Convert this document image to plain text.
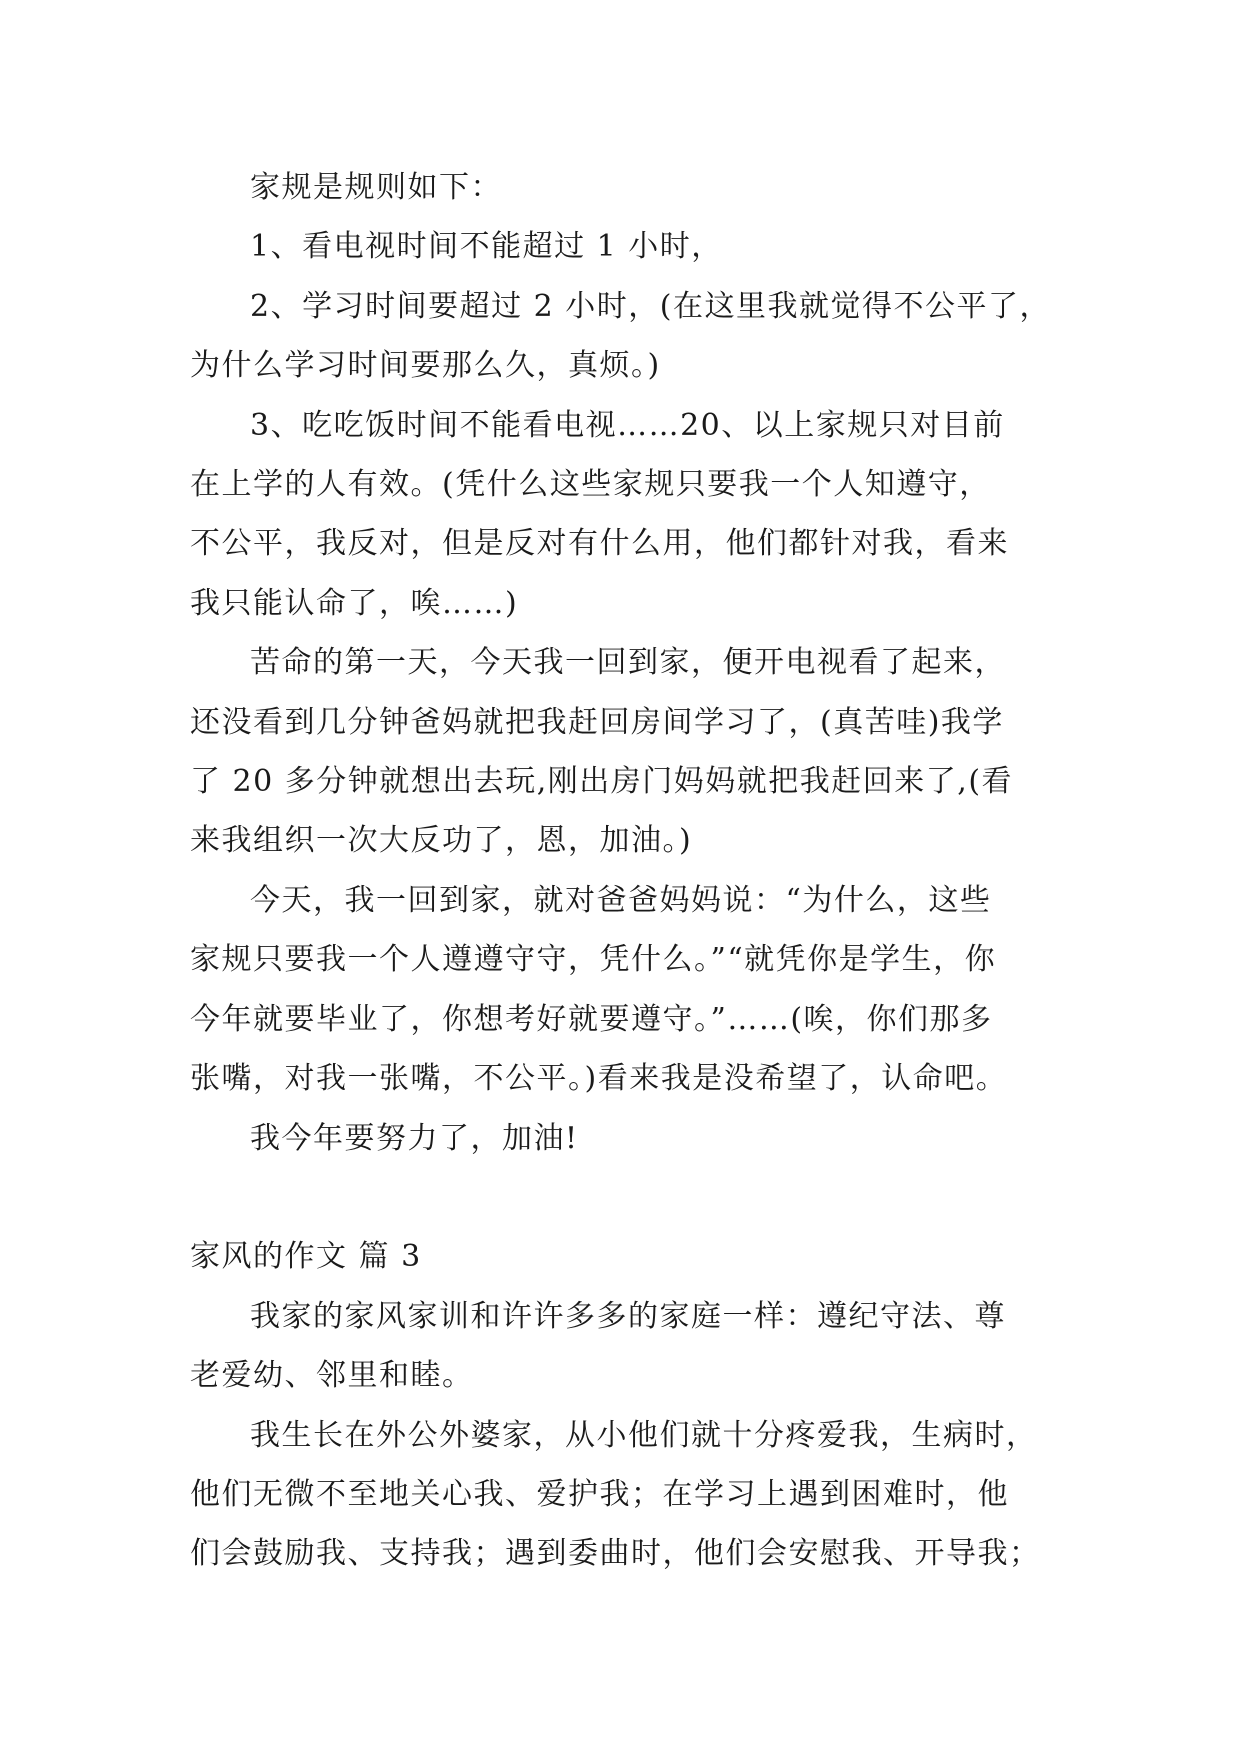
家规是规则如下：

1、看电视时间不能超过 1 小时，

2、学习时间要超过 2 小时，(在这里我就觉得不公平了，
为什么学习时间要那么久，真烦。)

3、吃吃饭时间不能看电视……20、以上家规只对目前
在上学的人有效。(凭什么这些家规只要我一个人知遵守，
不公平，我反对，但是反对有什么用，他们都针对我，看来
我只能认命了，唉……)

苦命的第一天，今天我一回到家，便开电视看了起来，
还没看到几分钟爸妈就把我赶回房间学习了，(真苦哇)我学
了 20 多分钟就想出去玩,刚出房门妈妈就把我赶回来了,(看
来我组织一次大反功了，恩，加油。)

今天，我一回到家，就对爸爸妈妈说：“为什么，这些
家规只要我一个人遵遵守守，凭什么。”“就凭你是学生，你
今年就要毕业了，你想考好就要遵守。”……(唉，你们那多
张嘴，对我一张嘴，不公平。)看来我是没希望了，认命吧。

我今年要努力了，加油!

家风的作文 篇 3

我家的家风家训和许许多多的家庭一样：遵纪守法、尊
老爱幼、邻里和睦。

我生长在外公外婆家，从小他们就十分疼爱我，生病时，
他们无微不至地关心我、爱护我；在学习上遇到困难时，他
们会鼓励我、支持我；遇到委曲时，他们会安慰我、开导我；
